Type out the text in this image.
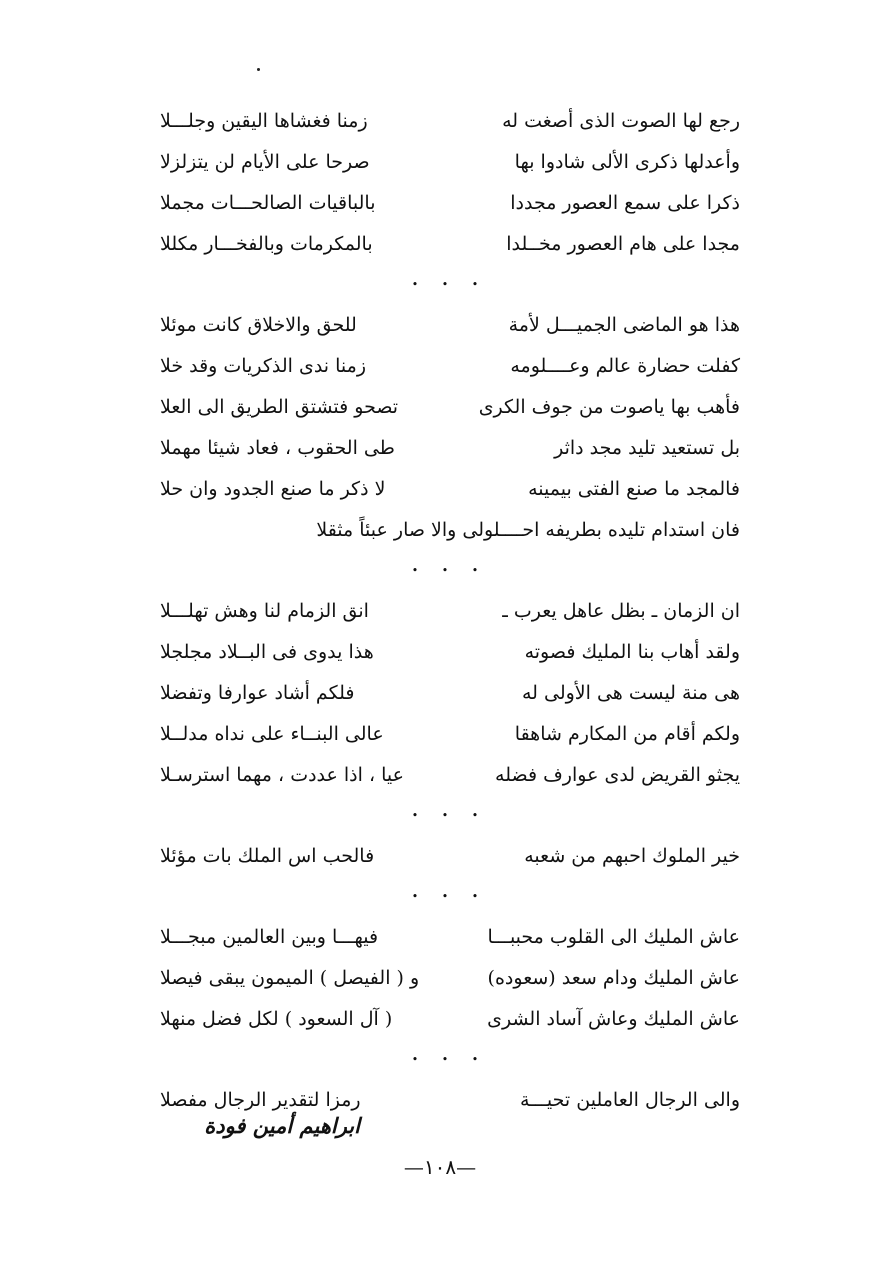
رجع لها الصوت الذى أصغت له
زمنا فغشاها اليقين وجلـــلا
وأعدلها ذكرى الألى شادوا بها
صرحا على الأيام لن يتزلزلا
ذكرا على سمع العصور مجددا
بالباقيات الصالحـــات مجملا
مجدا على هام العصور مخــلدا
بالمكرمات وبالفخـــار مكللا
• • •
هذا هو الماضى الجميـــل لأمة
للحق والاخلاق كانت موئلا
كفلت حضارة عالم وعــــلومه
زمنا ندى الذكريات وقد خلا
فأهب بها ياصوت من جوف الكرى
تصحو فتشتق الطريق الى العلا
بل تستعيد تليد مجد داثر
طى الحقوب ، فعاد شيئا مهملا
فالمجد ما صنع الفتى بيمينه
لا ذكر ما صنع الجدود وان حلا
فان استدام تليده بطريفه احــــلولى والا صار عبئاً مثقلا
• • •
ان الزمان ـ بظل عاهل يعرب ـ
انق الزمام لنا وهش تهلـــلا
ولقد أهاب بنا المليك فصوته
هذا يدوى فى البــلاد مجلجلا
هى منة ليست هى الأولى له
فلكم أشاد عوارفا وتفضلا
ولكم أقام من المكارم شاهقا
عالى البنــاء على نداه مدلــلا
يجثو القريض لدى عوارف فضله
عيا ، اذا عددت ، مهما استرسـلا
• • •
خير الملوك احبهم من شعبه
فالحب اس الملك بات مؤئلا
• • •
عاش المليك الى القلوب محببـــا
فيهـــا وبين العالمين مبجـــلا
عاش المليك ودام سعد (سعوده)
و ( الفيصل ) الميمون يبقى فيصلا
عاش المليك وعاش آساد الشرى
( آل السعود ) لكل فضل منهلا
• • •
والى الرجال العاملين تحيـــة
رمزا لتقدير الرجال مفصلا
ابراهيم أمين فودة
—١٠٨—
